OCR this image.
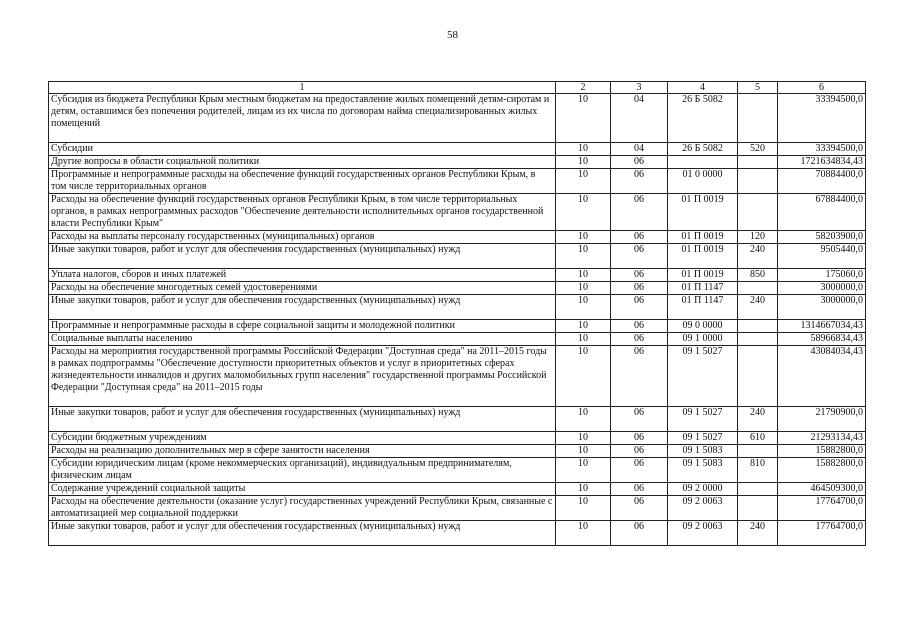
58
1	2	3	4	5	6
Субсидия из бюджета Республики Крым местным бюджетам на предоставление жилых помещений детям-сиротам и детям, оставшимся без попечения родителей, лицам из их числа по договорам найма специализированных жилых помещений	10	04	26 Б 5082		33394500,0
Субсидии	10	04	26 Б 5082	520	33394500,0
Другие вопросы в области социальной политики	10	06			1721634834,43
Программные и непрограммные расходы на обеспечение функций государственных органов Республики Крым, в том числе территориальных органов	10	06	01 0 0000		70884400,0
Расходы на обеспечение функций государственных органов Республики Крым, в том числе территориальных органов, в рамках непрограммных расходов "Обеспечение деятельности исполнительных органов государственной власти Республики Крым"	10	06	01 П 0019		67884400,0
Расходы на выплаты персоналу государственных (муниципальных) органов	10	06	01 П 0019	120	58203900,0
Иные закупки товаров, работ и услуг для обеспечения государственных (муниципальных) нужд	10	06	01 П 0019	240	9505440,0
Уплата налогов, сборов и иных платежей	10	06	01 П 0019	850	175060,0
Расходы на обеспечение многодетных семей удостоверениями	10	06	01 П 1147		3000000,0
Иные закупки товаров, работ и услуг для обеспечения государственных (муниципальных) нужд	10	06	01 П 1147	240	3000000,0
Программные и непрограммные расходы в сфере социальной защиты и молодежной политики	10	06	09 0 0000		1314667034,43
Социальные выплаты населению	10	06	09 1 0000		58966834,43
Расходы на мероприятия государственной программы Российской Федерации "Доступная среда" на 2011–2015 годы в рамках подпрограммы "Обеспечение доступности приоритетных объектов и услуг в приоритетных сферах жизнедеятельности инвалидов и других маломобильных групп населения" государственной программы Российской Федерации "Доступная среда" на 2011–2015 годы	10	06	09 1 5027		43084034,43
Иные закупки товаров, работ и услуг для обеспечения государственных (муниципальных) нужд	10	06	09 1 5027	240	21790900,0
Субсидии бюджетным учреждениям	10	06	09 1 5027	610	21293134,43
Расходы на реализацию дополнительных мер в сфере занятости населения	10	06	09 1 5083		15882800,0
Субсидии юридическим лицам (кроме некоммерческих организаций), индивидуальным предпринимателям, физическим лицам	10	06	09 1 5083	810	15882800,0
Содержание учреждений социальной защиты	10	06	09 2 0000		464509300,0
Расходы на обеспечение деятельности (оказание услуг) государственных учреждений Республики Крым, связанные с автоматизацией мер социальной поддержки	10	06	09 2 0063		17764700,0
Иные закупки товаров, работ и услуг для обеспечения государственных (муниципальных) нужд	10	06	09 2 0063	240	17764700,0
